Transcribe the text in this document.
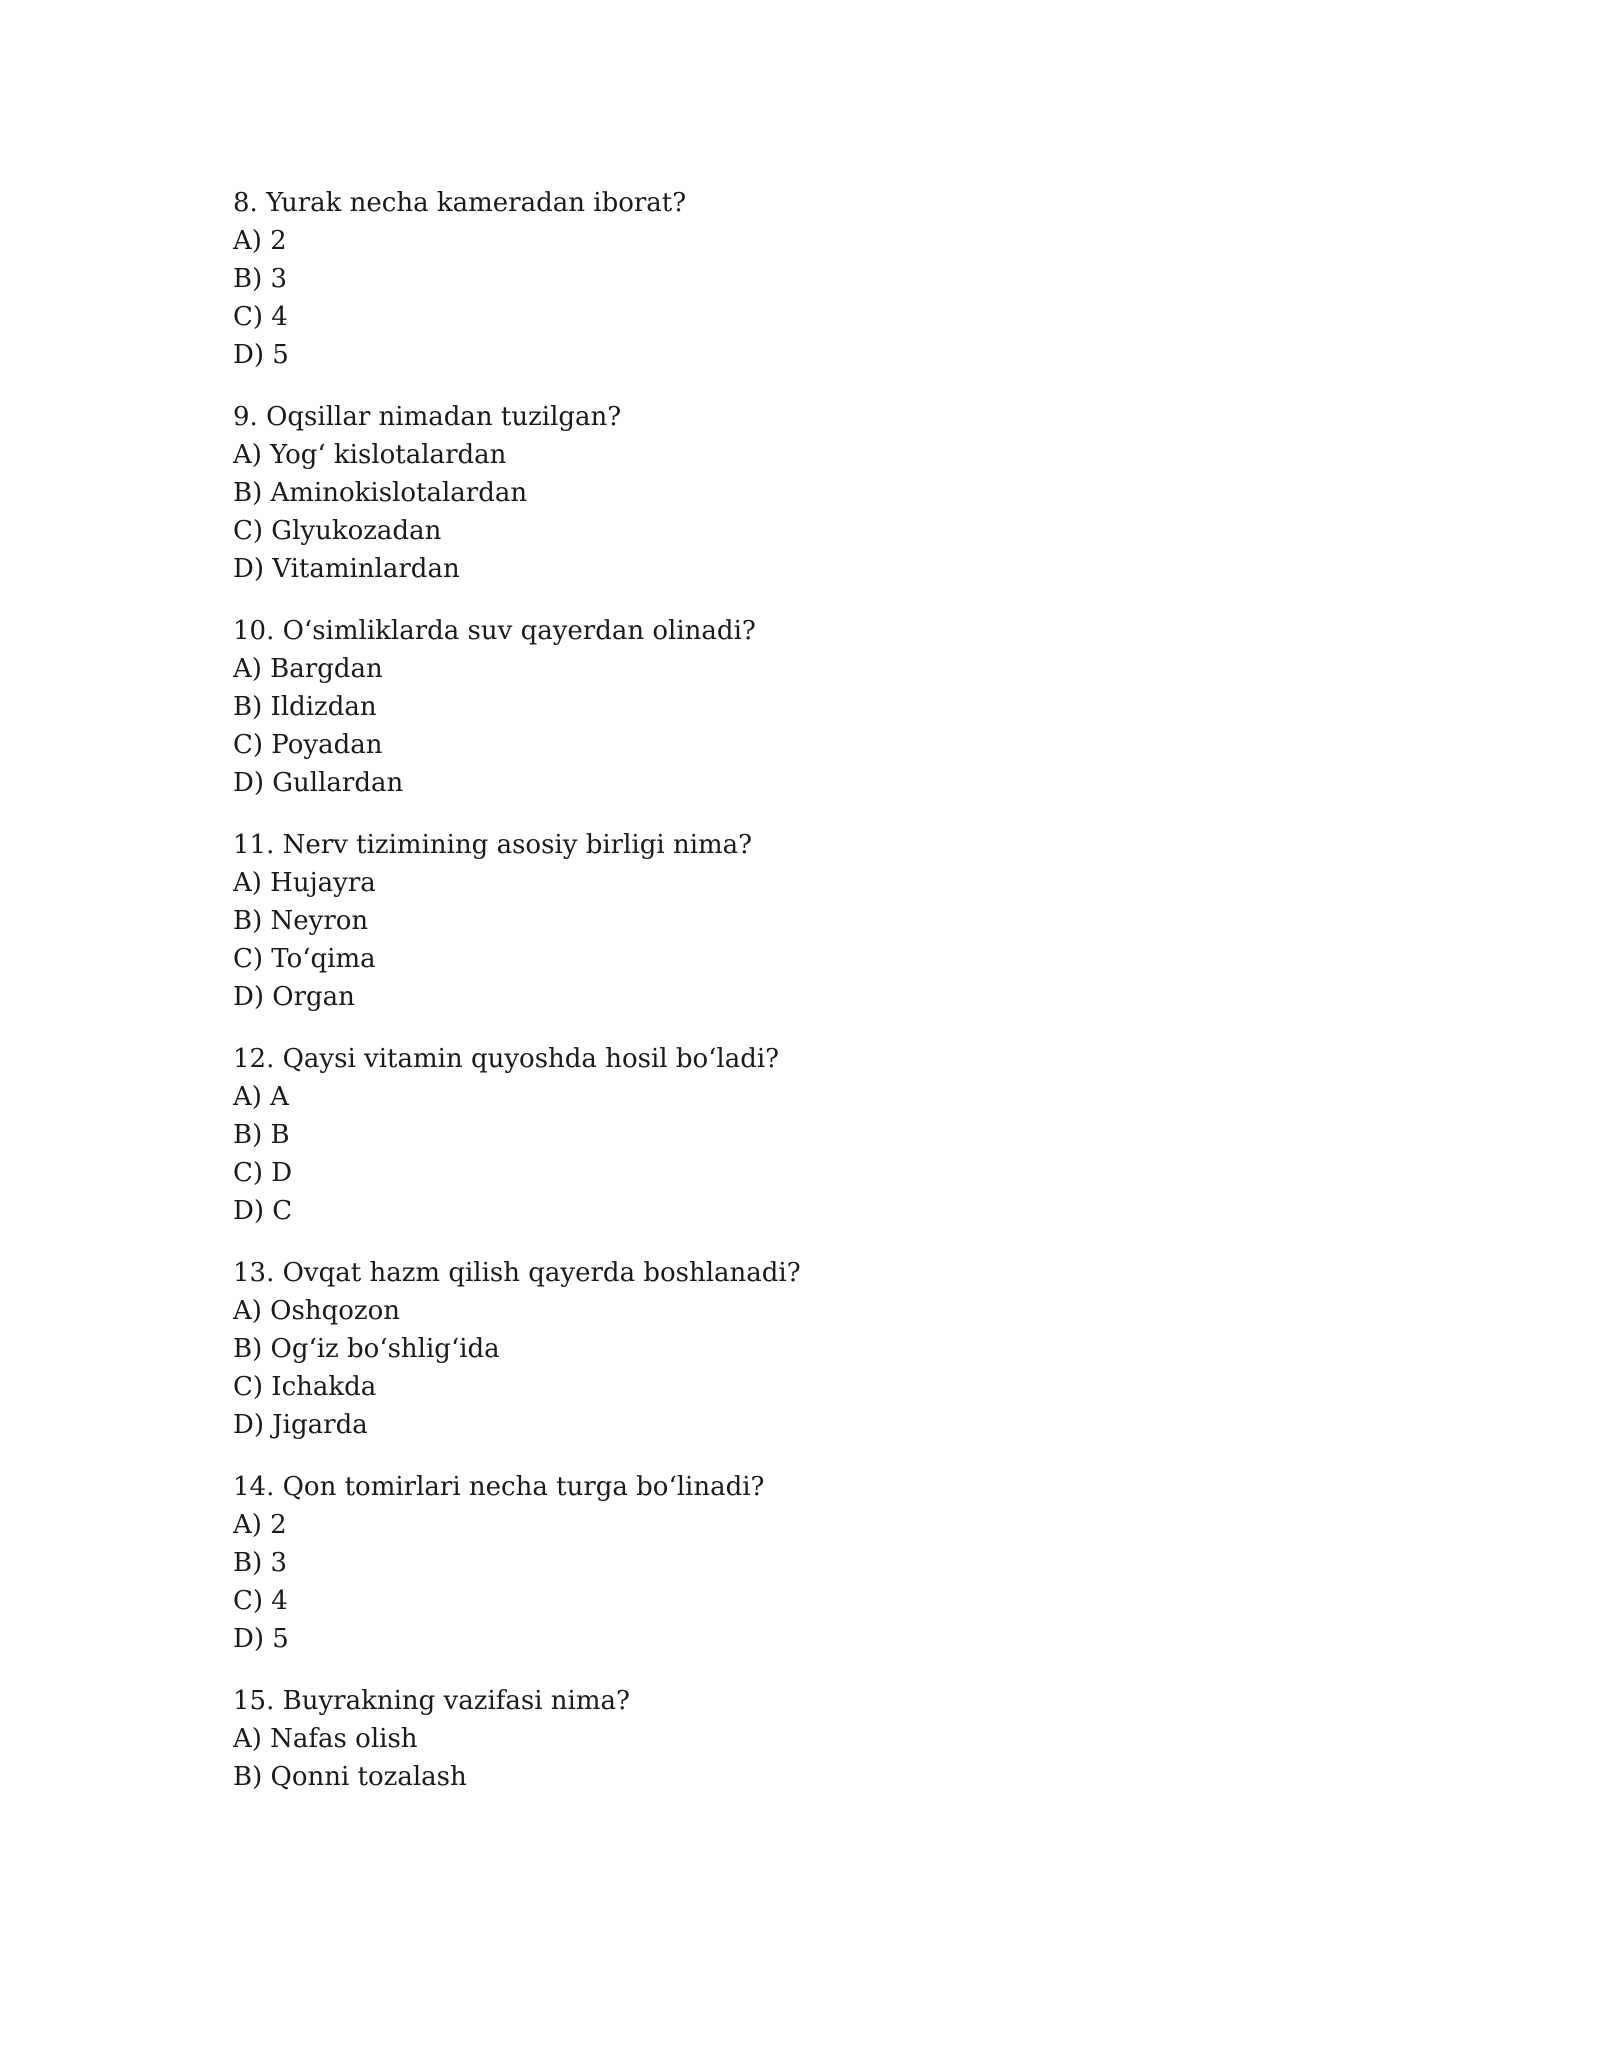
8. Yurak necha kameradan iborat?
A) 2
B) 3
C) 4
D) 5
9. Oqsillar nimadan tuzilgan?
A) Yog‘ kislotalardan
B) Aminokislotalardan
C) Glyukozadan
D) Vitaminlardan
10. O‘simliklarda suv qayerdan olinadi?
A) Bargdan
B) Ildizdan
C) Poyadan
D) Gullardan
11. Nerv tizimining asosiy birligi nima?
A) Hujayra
B) Neyron
C) To‘qima
D) Organ
12. Qaysi vitamin quyoshda hosil bo‘ladi?
A) A
B) B
C) D
D) C
13. Ovqat hazm qilish qayerda boshlanadi?
A) Oshqozon
B) Og‘iz bo‘shlig‘ida
C) Ichakda
D) Jigarda
14. Qon tomirlari necha turga bo‘linadi?
A) 2
B) 3
C) 4
D) 5
15. Buyrakning vazifasi nima?
A) Nafas olish
B) Qonni tozalash
